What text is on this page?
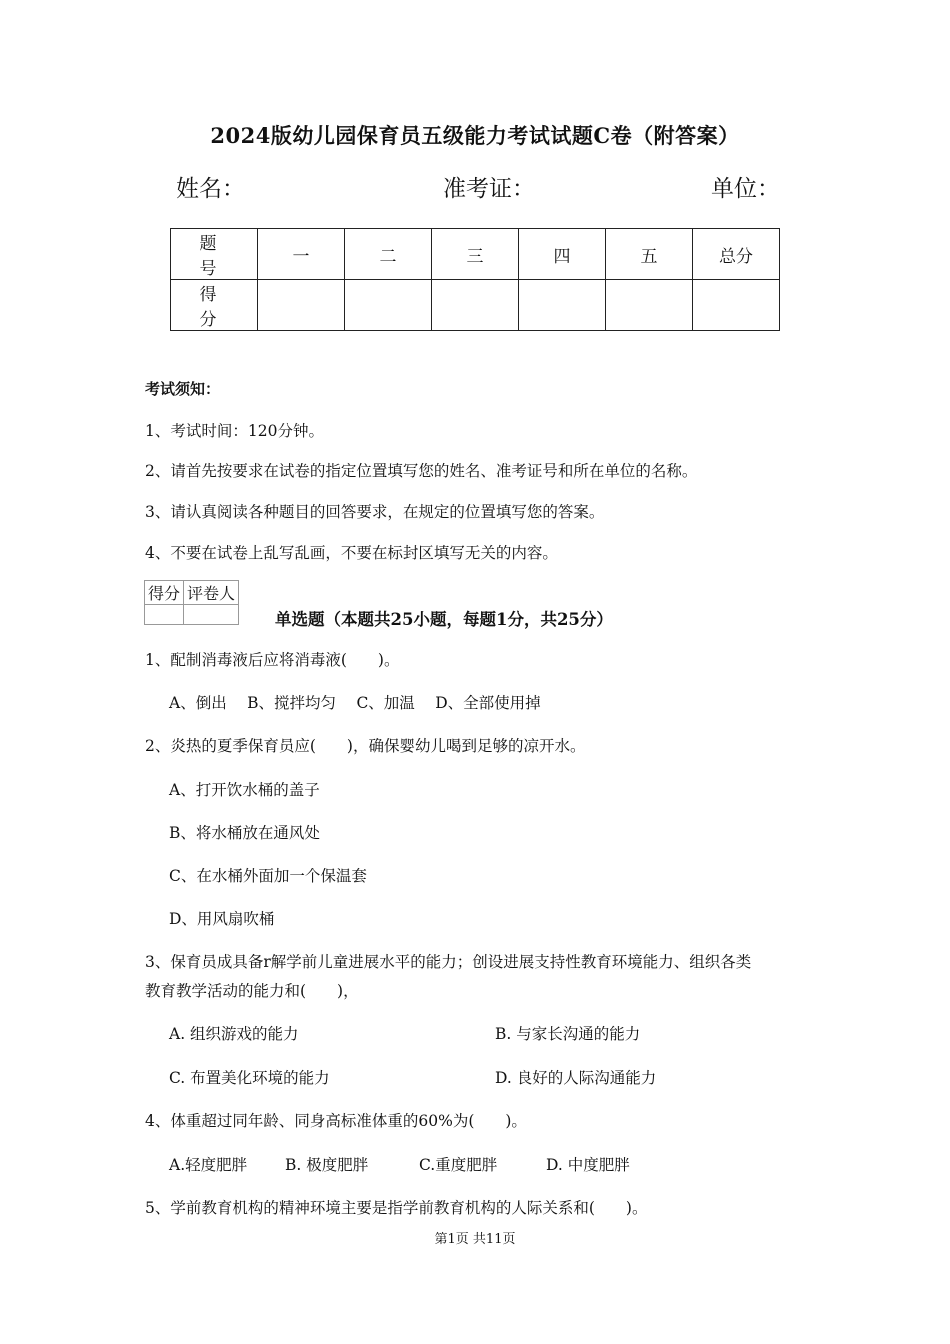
2024版幼儿园保育员五级能力考试试题C卷（附答案）
姓名：	准考证：	单位：
题　号	一	二	三	四	五	总分
得　分						
考试须知：
1、考试时间：120分钟。
2、请首先按要求在试卷的指定位置填写您的姓名、准考证号和所在单位的名称。
3、请认真阅读各种题目的回答要求，在规定的位置填写您的答案。
4、不要在试卷上乱写乱画，不要在标封区填写无关的内容。
得分	评卷人

单选题（本题共25小题，每题1分，共25分）
1、配制消毒液后应将消毒液(　　)。
A、倒出　 B、搅拌均匀　 C、加温　 D、全部使用掉
2、炎热的夏季保育员应(　　)，确保婴幼儿喝到足够的凉开水。
A、打开饮水桶的盖子
B、将水桶放在通风处
C、在水桶外面加一个保温套
D、用风扇吹桶
3、保育员成具备r解学前儿童进展水平的能力；创设进展支持性教育环境能力、组织各类
教育教学活动的能力和(　　)，
A. 组织游戏的能力	B. 与家长沟通的能力
C. 布置美化环境的能力	D. 良好的人际沟通能力
4、体重超过同年龄、同身高标准体重的60%为(　　)。
A.轻度肥胖 B. 极度肥胖	C.重度肥胖	D. 中度肥胖
5、学前教育机构的精神环境主要是指学前教育机构的人际关系和(　　)。
第1页 共11页
